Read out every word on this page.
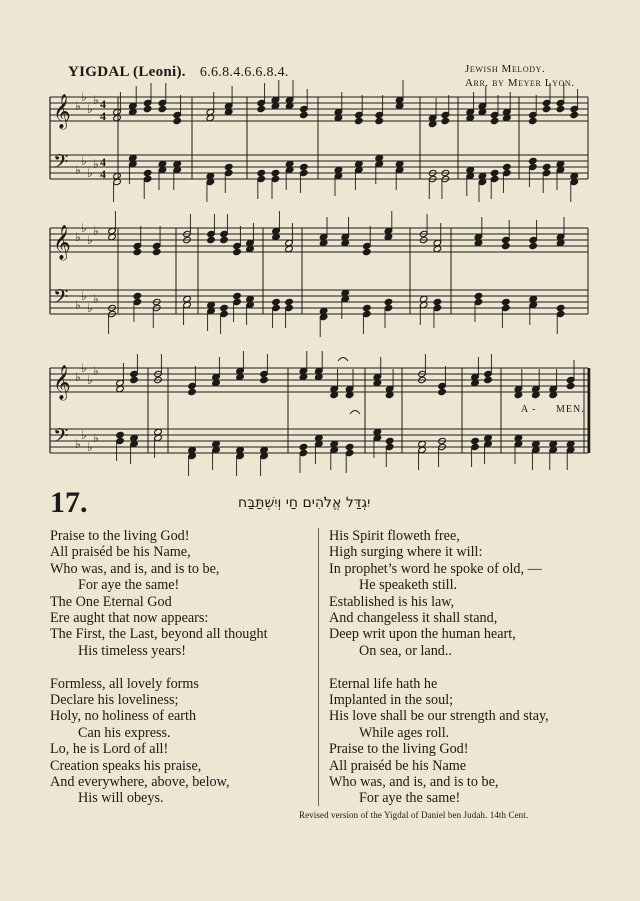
YIGDAL (Leoni). 6.6.8.4.6.6.8.4.	Jewish Melody.
Arr. by Meyer Lyon.
♭
♭
♭
♭
𝄢
♭
♭
♭
♭
𝄞
♭
♭
♭
♭
𝄢
♭
♭
♭
♭
𝄞
4
4
♭
♭
♭
♭
𝄢
4
4
♭
♭
♭
♭
𝄞
A - MEN.
17.	יִגְדַּל אֱלֹהִים חַי וְיִשְׁתַּבַּח
Praise to the living God!
All praiséd be his Name,
Who was, and is, and is to be,
For aye the same!
The One Eternal God
Ere aught that now appears:
The First, the Last, beyond all thought
His timeless years!
Formless, all lovely forms
Declare his loveliness;
Holy, no holiness of earth
Can his express.
Lo, he is Lord of all!
Creation speaks his praise,
And everywhere, above, below,
His will obeys.
His Spirit floweth free,
High surging where it will:
In prophet’s word he spoke of old, —
He speaketh still.
Established is his law,
And changeless it shall stand,
Deep writ upon the human heart,
On sea, or land..
Eternal life hath he
Implanted in the soul;
His love shall be our strength and stay,
While ages roll.
Praise to the living God!
All praiséd be his Name
Who was, and is, and is to be,
For aye the same!
Revised version of the Yigdal of Daniel ben Judah. 14th Cent.
